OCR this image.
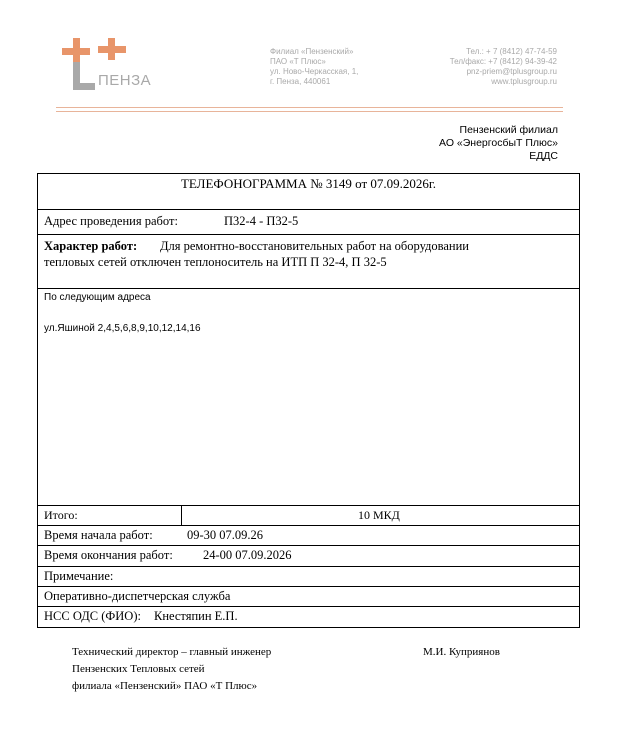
ПЕНЗА
Филиал «Пензенский»
ПАО «Т Плюс»
ул. Ново-Черкасская, 1,
г. Пенза, 440061
Тел.: + 7 (8412) 47-74-59
Тел/факс: +7 (8412) 94-39-42
pnz-priem@tplusgroup.ru
www.tplusgroup.ru
Пензенский филиал
АО «ЭнергосбыТ Плюс»
ЕДДС
ТЕЛЕФОНОГРАММА № 3149 от 07.09.2026г.
Адрес проведения работ:	П32-4 - П32-5
Характер работ: Для ремонтно-восстановительных работ на оборудовании
тепловых сетей отключен теплоноситель на ИТП П 32-4, П 32-5
По следующим адреса
ул.Яшиной 2,4,5,6,8,9,10,12,14,16
Итого:	10 МКД
Время начала работ:	09-30 07.09.26
Время окончания работ: 24-00 07.09.2026
Примечание:
Оперативно-диспетчерская служба
НСС ОДС (ФИО): Кнестяпин Е.П.
Технический директор – главный инженер
Пензенских Тепловых сетей
филиала «Пензенский» ПАО «Т Плюс»
М.И. Куприянов
